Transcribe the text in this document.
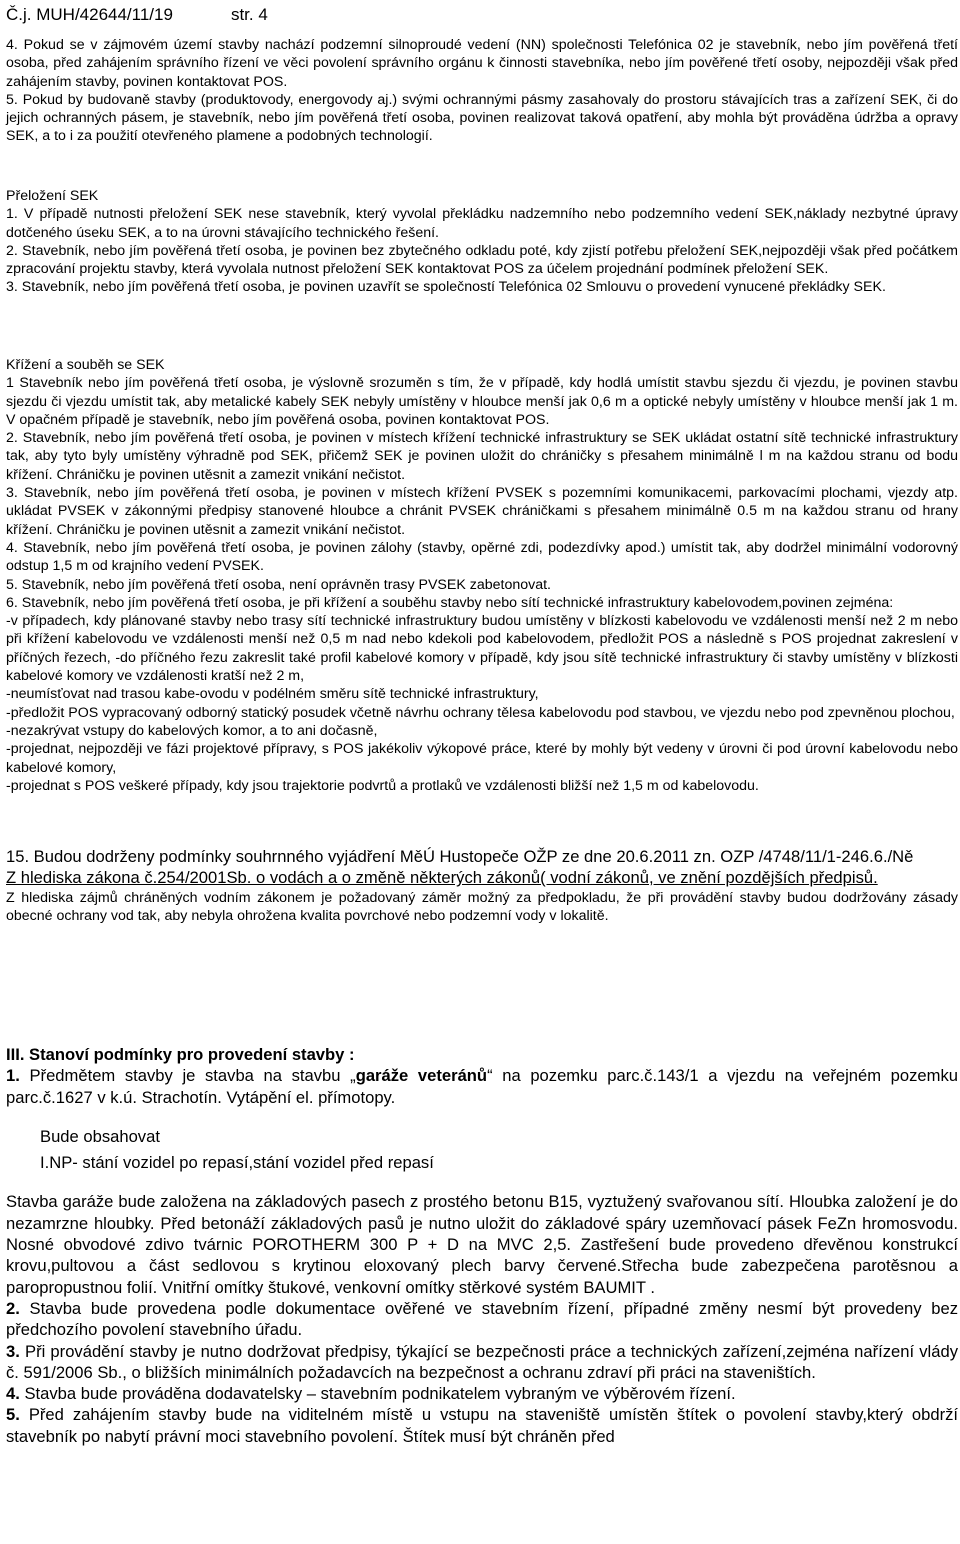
Č.j. MUH/42644/11/19	str. 4

4. Pokud se v zájmovém území stavby nachází podzemní silnoproudé vedení (NN) společnosti Telefónica 02 je stavebník, nebo jím pověřená třetí osoba, před zahájením správního řízení ve věci povolení správního orgánu k činnosti stavebníka, nebo jím pověřené třetí osoby, nejpozději však před zahájením stavby, povinen kontaktovat POS.

5. Pokud by budovaně stavby (produktovody, energovody aj.) svými ochrannými pásmy zasahovaly do prostoru stávajících tras a zařízení SEK, či do jejich ochranných pásem, je stavebník, nebo jím pověřená třetí osoba, povinen realizovat taková opatření, aby mohla být prováděna údržba a opravy SEK, a to i za použití otevřeného plamene a podobných technologií.

Přeložení SEK

1. V případě nutnosti přeložení SEK nese stavebník, který vyvolal překládku nadzemního nebo podzemního vedení SEK,náklady nezbytné úpravy dotčeného úseku SEK, a to na úrovni stávajícího technického řešení.

2. Stavebník, nebo jím pověřená třetí osoba, je povinen bez zbytečného odkladu poté, kdy zjistí potřebu přeložení SEK,nejpozději však před počátkem zpracování projektu stavby, která vyvolala nutnost přeložení SEK kontaktovat POS za účelem projednání podmínek přeložení SEK.

3. Stavebník, nebo jím pověřená třetí osoba, je povinen uzavřít se společností Telefónica 02 Smlouvu o provedení vynucené překládky SEK.

Křížení a souběh se SEK

1 Stavebník nebo jím pověřená třetí osoba, je výslovně srozuměn s tím, že v případě, kdy hodlá umístit stavbu sjezdu či vjezdu, je povinen stavbu sjezdu či vjezdu umístit tak, aby metalické kabely SEK nebyly umístěny v hloubce menší jak 0,6 m a optické nebyly umístěny v hloubce menší jak 1 m. V opačném případě je stavebník, nebo jím pověřená osoba, povinen kontaktovat POS.

2. Stavebník, nebo jím pověřená třetí osoba, je povinen v místech křížení technické infrastruktury se SEK ukládat ostatní sítě technické infrastruktury tak, aby tyto byly umístěny výhradně pod SEK, přičemž SEK je povinen uložit do chráničky s přesahem minimálně l m na každou stranu od bodu křížení. Chráničku je povinen utěsnit a zamezit vnikání nečistot.

3. Stavebník, nebo jím pověřená třetí osoba, je povinen v místech křížení PVSEK s pozemními komunikacemi, parkovacími plochami, vjezdy atp. ukládat PVSEK v zákonnými předpisy stanovené hloubce a chránit PVSEK chráničkami s přesahem minimálně 0.5 m na každou stranu od hrany křížení. Chráničku je povinen utěsnit a zamezit vnikání nečistot.

4. Stavebník, nebo jím pověřená třetí osoba, je povinen zálohy (stavby, opěrné zdi, podezdívky apod.) umístit tak, aby dodržel minimální vodorovný odstup 1,5 m od krajního vedení PVSEK.

5. Stavebník, nebo jím pověřená třetí osoba, není oprávněn trasy PVSEK zabetonovat.

6. Stavebník, nebo jím pověřená třetí osoba, je při křížení a souběhu stavby nebo sítí technické infrastruktury kabelovodem,povinen zejména:

-v případech, kdy plánované stavby nebo trasy sítí technické infrastruktury budou umístěny v blízkosti kabelovodu ve vzdálenosti menší než 2 m nebo při křížení kabelovodu ve vzdálenosti menší než 0,5 m nad nebo kdekoli pod kabelovodem, předložit POS a následně s POS projednat zakreslení v příčných řezech, -do příčného řezu zakreslit také profil kabelové komory v případě, kdy jsou sítě technické infrastruktury či stavby umístěny v blízkosti kabelové komory ve vzdálenosti kratší než 2 m,

-neumísťovat nad trasou kabe-ovodu v podélném směru sítě technické infrastruktury,

-předložit POS vypracovaný odborný statický posudek včetně návrhu ochrany tělesa kabelovodu pod stavbou, ve vjezdu nebo pod zpevněnou plochou,

-nezakrývat vstupy do kabelových komor, a to ani dočasně,

-projednat, nejpozději ve fázi projektové přípravy, s POS jakékoliv výkopové práce, které by mohly být vedeny v úrovni či pod úrovní kabelovodu nebo kabelové komory,

-projednat s POS veškeré případy, kdy jsou trajektorie podvrtů a protlaků ve vzdálenosti bližší než 1,5 m od kabelovodu.

15. Budou dodrženy podmínky souhrnného vyjádření MěÚ Hustopeče OŽP ze dne 20.6.2011 zn. OZP /4748/11/1-246.6./Ně

Z hlediska zákona č.254/2001Sb. o vodách a o změně některých zákonů( vodní zákonů, ve znění pozdějších předpisů.

Z hlediska zájmů chráněných vodním zákonem je požadovaný záměr možný za předpokladu, že při provádění stavby budou dodržovány zásady obecné ochrany vod tak, aby nebyla ohrožena kvalita povrchové nebo podzemní vody v lokalitě.

III. Stanoví podmínky pro provedení stavby :

1. Předmětem stavby je stavba na stavbu „garáže veteránů“ na pozemku parc.č.143/1 a vjezdu na veřejném pozemku parc.č.1627 v k.ú. Strachotín. Vytápění el. přímotopy.

Bude obsahovat

I.NP- stání vozidel po repasí,stání vozidel před repasí

Stavba garáže bude založena na základových pasech z prostého betonu B15, vyztužený svařovanou sítí. Hloubka založení je do nezamrzne hloubky. Před betonáží základových pasů je nutno uložit do základové spáry uzemňovací pásek FeZn hromosvodu. Nosné obvodové zdivo tvárnic POROTHERM 300 P + D na MVC 2,5. Zastřešení bude provedeno dřevěnou konstrukcí krovu,pultovou a část sedlovou s krytinou eloxovaný plech barvy červené.Střecha bude zabezpečena parotěsnou a paropropustnou folií. Vnitřní omítky štukové, venkovní omítky stěrkové systém BAUMIT .

2. Stavba bude provedena podle dokumentace ověřené ve stavebním řízení, případné změny nesmí být provedeny bez předchozího povolení stavebního úřadu.

3. Při provádění stavby je nutno dodržovat předpisy, týkající se bezpečnosti práce a technických zařízení,zejména nařízení vlády č. 591/2006 Sb., o bližších minimálních požadavcích na bezpečnost a ochranu zdraví při práci na staveništích.

4. Stavba bude prováděna dodavatelsky – stavebním podnikatelem vybraným ve výběrovém řízení.

5. Před zahájením stavby bude na viditelném místě u vstupu na staveniště umístěn štítek o povolení stavby,který obdrží stavebník po nabytí právní moci stavebního povolení. Štítek musí být chráněn před
